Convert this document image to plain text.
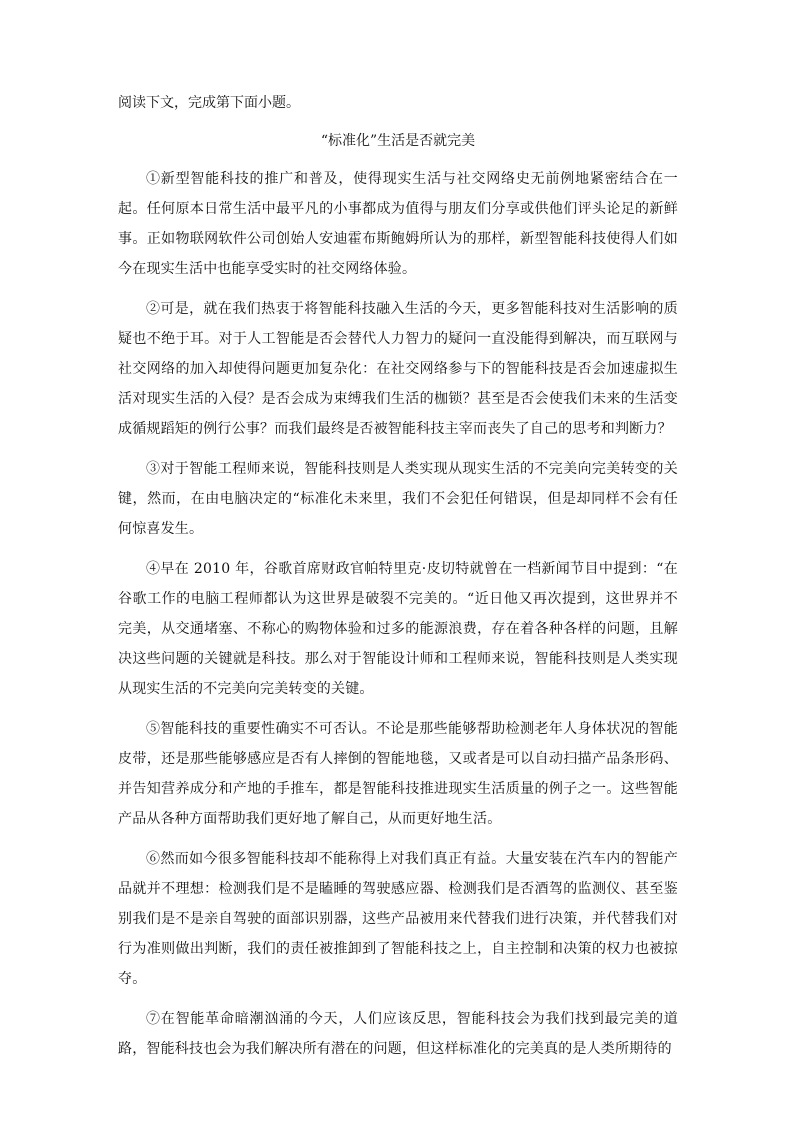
阅读下文，完成第下面小题。

“标准化”生活是否就完美

①新型智能科技的推广和普及，使得现实生活与社交网络史无前例地紧密结合在一起。任何原本日常生活中最平凡的小事都成为值得与朋友们分享或供他们评头论足的新鲜事。正如物联网软件公司创始人安迪霍布斯鲍姆所认为的那样，新型智能科技使得人们如今在现实生活中也能享受实时的社交网络体验。

②可是，就在我们热衷于将智能科技融入生活的今天，更多智能科技对生活影响的质疑也不绝于耳。对于人工智能是否会替代人力智力的疑问一直没能得到解决，而互联网与社交网络的加入却使得问题更加复杂化：在社交网络参与下的智能科技是否会加速虚拟生活对现实生活的入侵？是否会成为束缚我们生活的枷锁？甚至是否会使我们未来的生活变成循规蹈矩的例行公事？而我们最终是否被智能科技主宰而丧失了自己的思考和判断力？

③对于智能工程师来说，智能科技则是人类实现从现实生活的不完美向完美转变的关键，然而，在由电脑决定的“标准化未来里，我们不会犯任何错误，但是却同样不会有任何惊喜发生。

④早在 2010 年，谷歌首席财政官帕特里克·皮切特就曾在一档新闻节目中提到：“在谷歌工作的电脑工程师都认为这世界是破裂不完美的。“近日他又再次提到，这世界并不完美，从交通堵塞、不称心的购物体验和过多的能源浪费，存在着各种各样的问题，且解决这些问题的关键就是科技。那么对于智能设计师和工程师来说，智能科技则是人类实现从现实生活的不完美向完美转变的关键。

⑤智能科技的重要性确实不可否认。不论是那些能够帮助检测老年人身体状况的智能皮带，还是那些能够感应是否有人摔倒的智能地毯，又或者是可以自动扫描产品条形码、并告知营养成分和产地的手推车，都是智能科技推进现实生活质量的例子之一。这些智能产品从各种方面帮助我们更好地了解自己，从而更好地生活。

⑥然而如今很多智能科技却不能称得上对我们真正有益。大量安装在汽车内的智能产品就并不理想：检测我们是不是瞌睡的驾驶感应器、检测我们是否酒驾的监测仪、甚至鉴别我们是不是亲自驾驶的面部识别器，这些产品被用来代替我们进行决策，并代替我们对行为准则做出判断，我们的责任被推卸到了智能科技之上，自主控制和决策的权力也被掠夺。

⑦在智能革命暗潮汹涌的今天，人们应该反思，智能科技会为我们找到最完美的道路，智能科技也会为我们解决所有潜在的问题，但这样标准化的完美真的是人类所期待的
